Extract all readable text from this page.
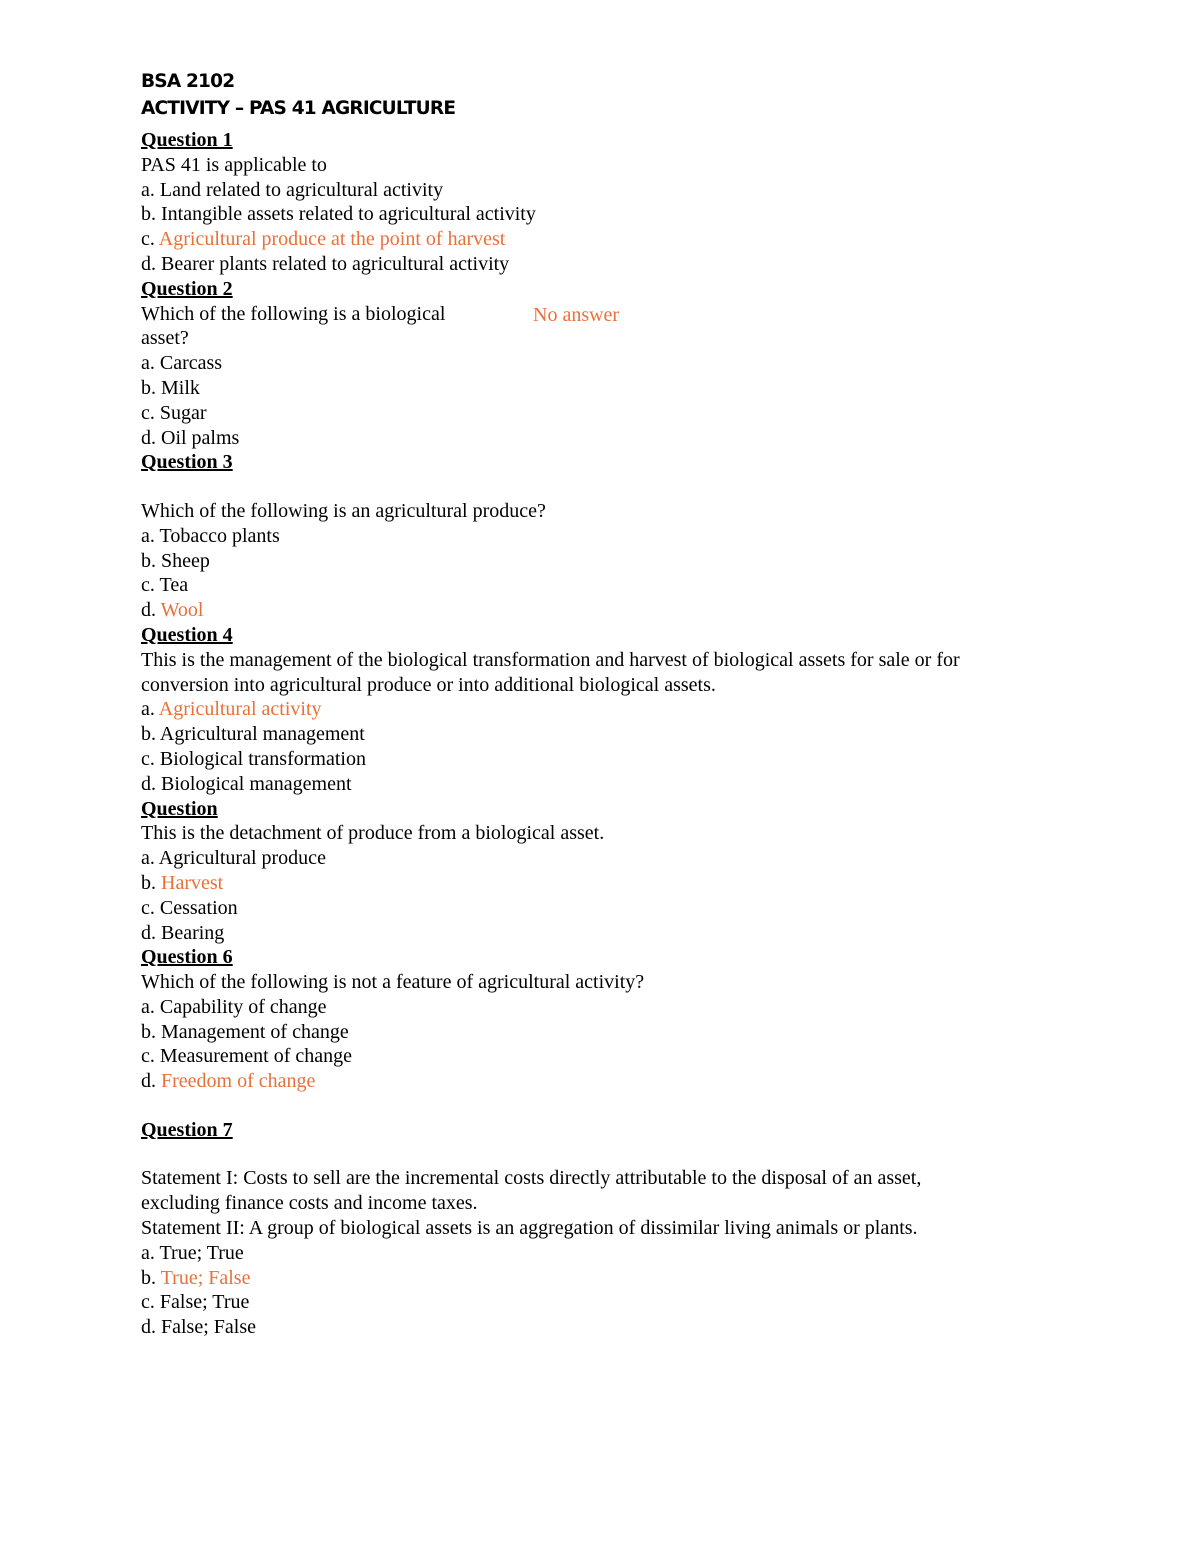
BSA 2102
ACTIVITY – PAS 41 AGRICULTURE
Question 1
PAS 41 is applicable to
a. Land related to agricultural activity
b. Intangible assets related to agricultural activity
c. Agricultural produce at the point of harvest
d. Bearer plants related to agricultural activity
Question 2
Which of the following is a biological
asset?
No answer
a. Carcass
b. Milk
c. Sugar
d. Oil palms
Question 3
Which of the following is an agricultural produce?
a. Tobacco plants
b. Sheep
c. Tea
d. Wool
Question 4
This is the management of the biological transformation and harvest of biological assets for sale or for
conversion into agricultural produce or into additional biological assets.
a. Agricultural activity
b. Agricultural management
c. Biological transformation
d. Biological management
Question
This is the detachment of produce from a biological asset.
a. Agricultural produce
b. Harvest
c. Cessation
d. Bearing
Question 6
Which of the following is not a feature of agricultural activity?
a. Capability of change
b. Management of change
c. Measurement of change
d. Freedom of change
Question 7
Statement I: Costs to sell are the incremental costs directly attributable to the disposal of an asset,
excluding finance costs and income taxes.
Statement II: A group of biological assets is an aggregation of dissimilar living animals or plants.
a. True; True
b. True; False
c. False; True
d. False; False
